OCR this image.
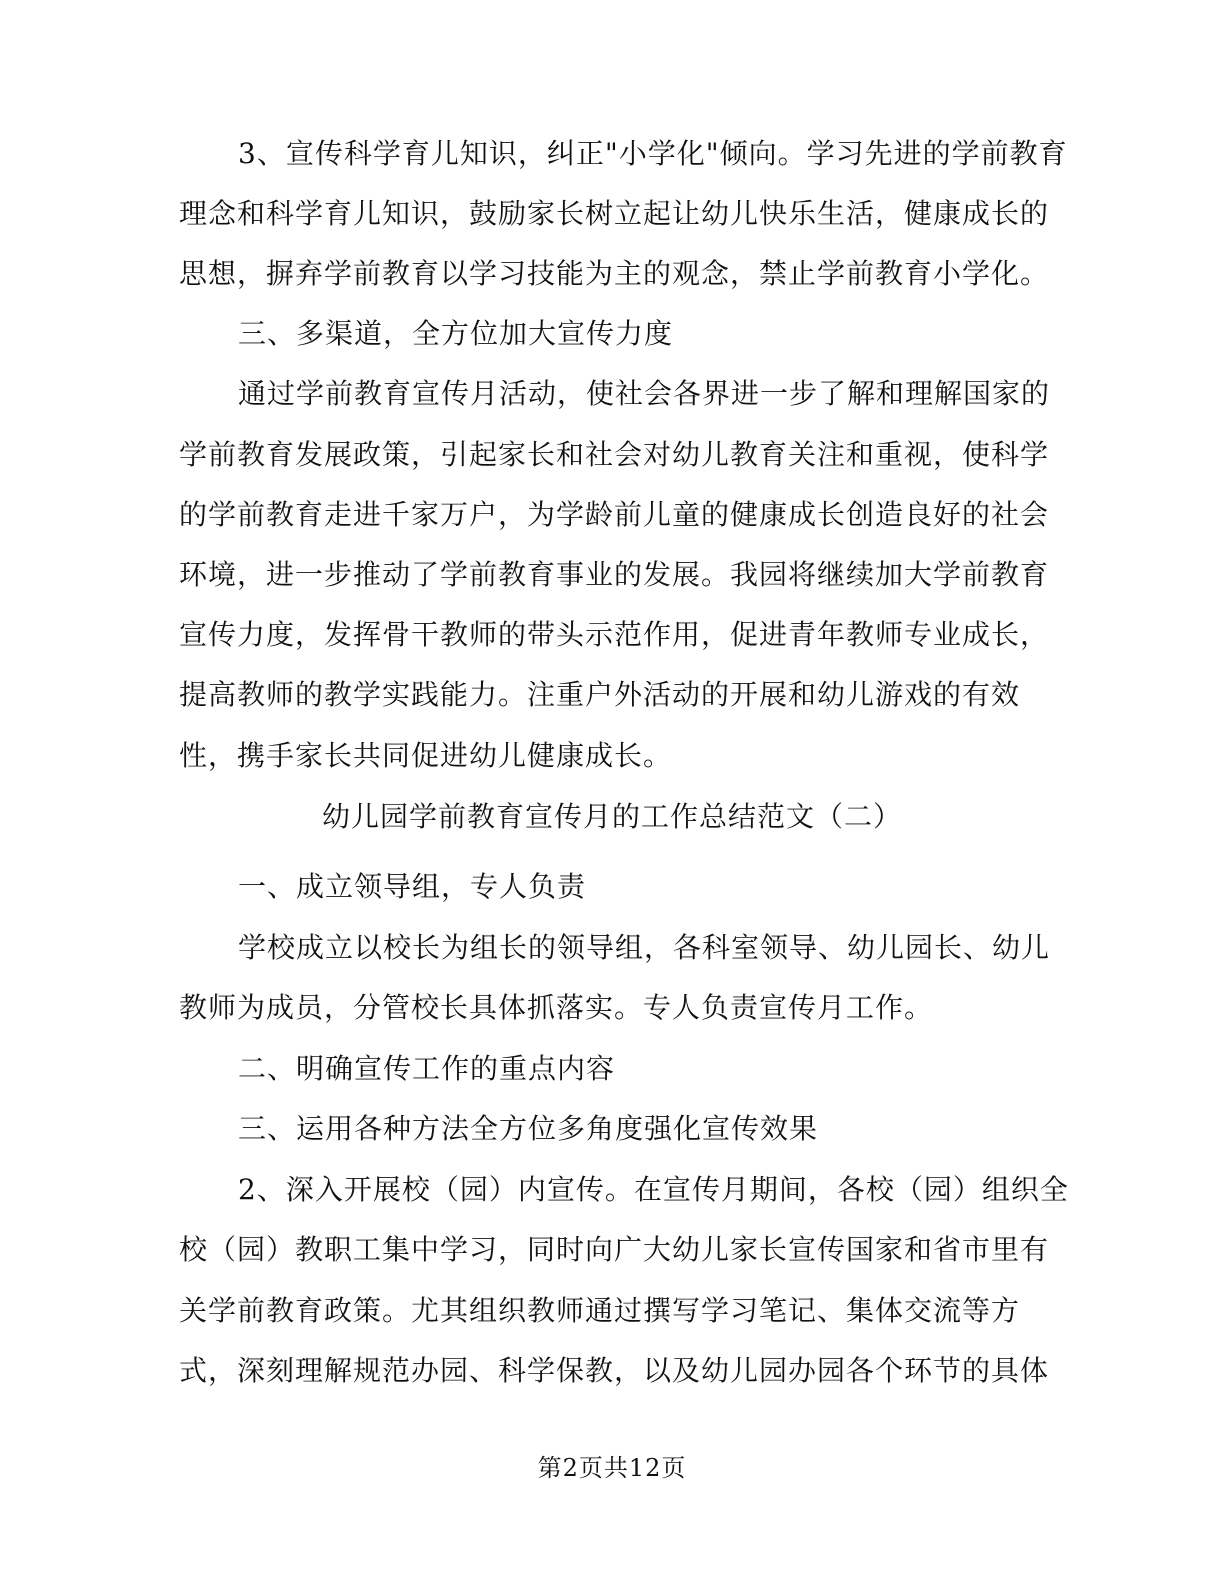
3、宣传科学育儿知识，纠正"小学化"倾向。学习先进的学前教育
理念和科学育儿知识，鼓励家长树立起让幼儿快乐生活，健康成长的
思想，摒弃学前教育以学习技能为主的观念，禁止学前教育小学化。
三、多渠道，全方位加大宣传力度
通过学前教育宣传月活动，使社会各界进一步了解和理解国家的
学前教育发展政策，引起家长和社会对幼儿教育关注和重视，使科学
的学前教育走进千家万户，为学龄前儿童的健康成长创造良好的社会
环境，进一步推动了学前教育事业的发展。我园将继续加大学前教育
宣传力度，发挥骨干教师的带头示范作用，促进青年教师专业成长，
提高教师的教学实践能力。注重户外活动的开展和幼儿游戏的有效
性，携手家长共同促进幼儿健康成长。
幼儿园学前教育宣传月的工作总结范文（二）
一、成立领导组，专人负责
学校成立以校长为组长的领导组，各科室领导、幼儿园长、幼儿
教师为成员，分管校长具体抓落实。专人负责宣传月工作。
二、明确宣传工作的重点内容
三、运用各种方法全方位多角度强化宣传效果
2、深入开展校（园）内宣传。在宣传月期间，各校（园）组织全
校（园）教职工集中学习，同时向广大幼儿家长宣传国家和省市里有
关学前教育政策。尤其组织教师通过撰写学习笔记、集体交流等方
式，深刻理解规范办园、科学保教，以及幼儿园办园各个环节的具体
第2页共12页
